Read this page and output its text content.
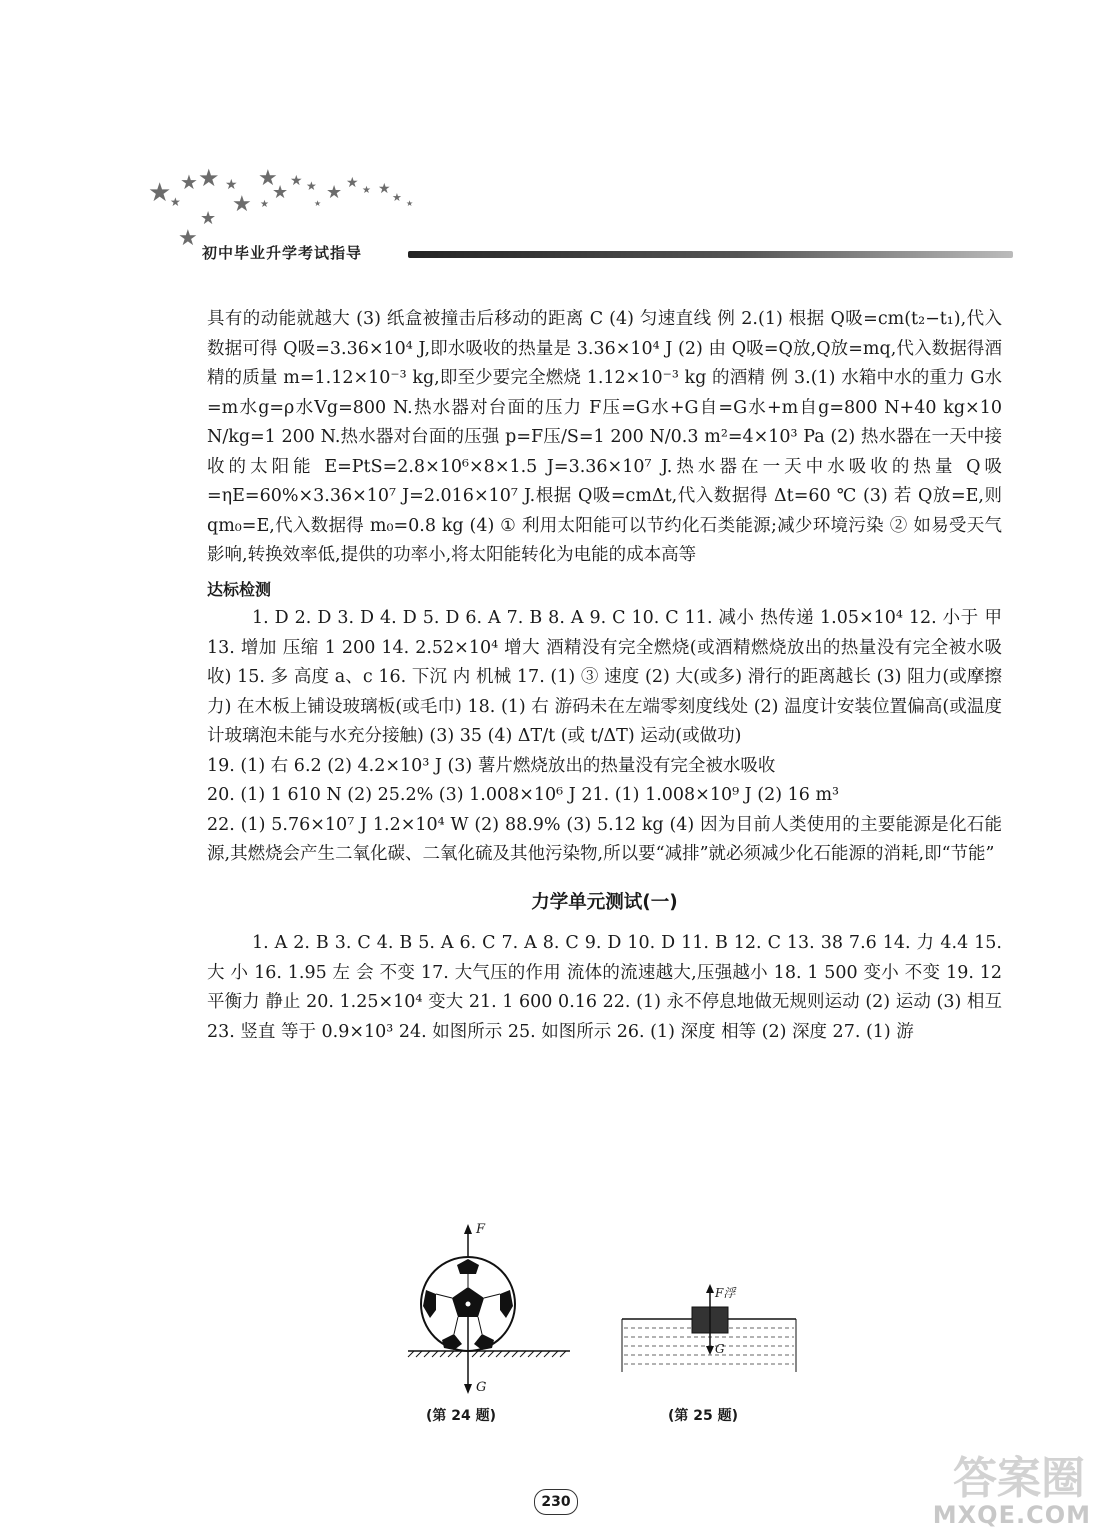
★ ★ ★
★
★
★
★
★
★
★
★
★ ★ ★
★
★ ★ ★
★ ★
初中毕业升学考试指导

具有的动能就越大 (3) 纸盒被撞击后移动的距离 C (4) 匀速直线 例 2.(1) 根据 Q吸=cm(t₂−t₁),代入数据可得 Q吸=3.36×10⁴ J,即水吸收的热量是 3.36×10⁴ J (2) 由 Q吸=Q放,Q放=mq,代入数据得酒精的质量 m=1.12×10⁻³ kg,即至少要完全燃烧 1.12×10⁻³ kg 的酒精 例 3.(1) 水箱中水的重力 G水=m水g=ρ水Vg=800 N.热水器对台面的压力 F压=G水+G自=G水+m自g=800 N+40 kg×10 N/kg=1 200 N.热水器对台面的压强 p=F压/S=1 200 N/0.3 m²=4×10³ Pa (2) 热水器在一天中接收的太阳能 E=PtS=2.8×10⁶×8×1.5 J=3.36×10⁷ J.热水器在一天中水吸收的热量 Q吸=ηE=60%×3.36×10⁷ J=2.016×10⁷ J.根据 Q吸=cmΔt,代入数据得 Δt=60 ℃ (3) 若 Q放=E,则 qm₀=E,代入数据得 m₀=0.8 kg (4) ① 利用太阳能可以节约化石类能源;减少环境污染 ② 如易受天气影响,转换效率低,提供的功率小,将太阳能转化为电能的成本高等

达标检测

1. D 2. D 3. D 4. D 5. D 6. A 7. B 8. A 9. C 10. C 11. 减小 热传递 1.05×10⁴ 12. 小于 甲 13. 增加 压缩 1 200 14. 2.52×10⁴ 增大 酒精没有完全燃烧(或酒精燃烧放出的热量没有完全被水吸收) 15. 多 高度 a、c 16. 下沉 内 机械 17. (1) ③ 速度 (2) 大(或多) 滑行的距离越长 (3) 阻力(或摩擦力) 在木板上铺设玻璃板(或毛巾) 18. (1) 右 游码未在左端零刻度线处 (2) 温度计安装位置偏高(或温度计玻璃泡未能与水充分接触) (3) 35 (4) ΔT/t (或 t/ΔT) 运动(或做功)

19. (1) 右 6.2 (2) 4.2×10³ J (3) 薯片燃烧放出的热量没有完全被水吸收

20. (1) 1 610 N (2) 25.2% (3) 1.008×10⁶ J 21. (1) 1.008×10⁹ J (2) 16 m³

22. (1) 5.76×10⁷ J 1.2×10⁴ W (2) 88.9% (3) 5.12 kg (4) 因为目前人类使用的主要能源是化石能源,其燃烧会产生二氧化碳、二氧化硫及其他污染物,所以要“减排”就必须减少化石能源的消耗,即“节能”

力学单元测试(一)

1. A 2. B 3. C 4. B 5. A 6. C 7. A 8. C 9. D 10. D 11. B 12. C 13. 38 7.6 14. 力 4.4 15. 大 小 16. 1.95 左 会 不变 17. 大气压的作用 流体的流速越大,压强越小 18. 1 500 变小 不变 19. 12 平衡力 静止 20. 1.25×10⁴ 变大 21. 1 600 0.16 22. (1) 永不停息地做无规则运动 (2) 运动 (3) 相互 23. 竖直 等于 0.9×10³ 24. 如图所示 25. 如图所示 26. (1) 深度 相等 (2) 深度 27. (1) 游

F
G
(第 24 题)
F浮
G
(第 25 题)
230	答案圈
MXQE.COM
